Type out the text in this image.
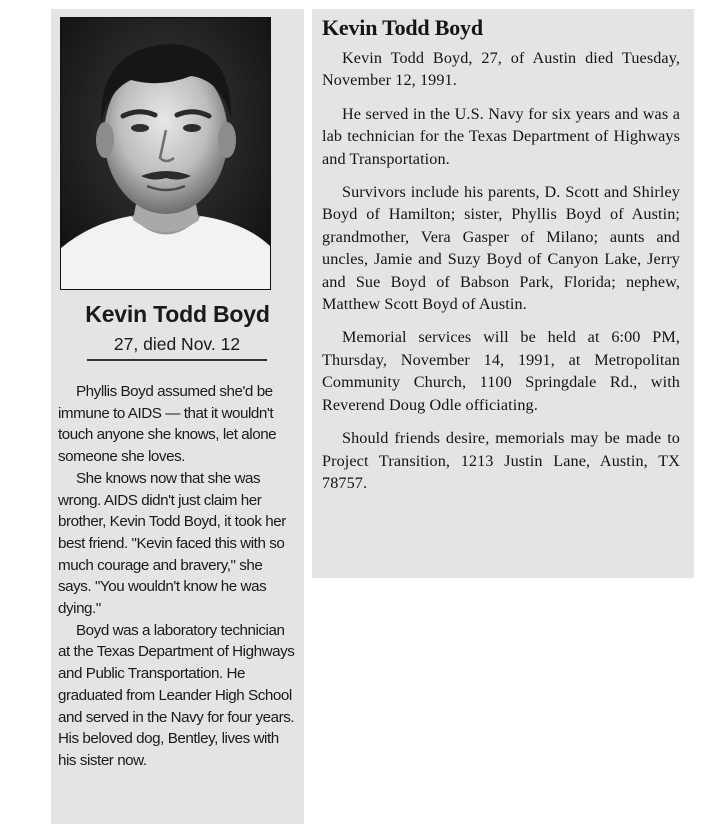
Kevin Todd Boyd
27, died Nov. 12

Phyllis Boyd assumed she'd be immune to AIDS — that it wouldn't touch anyone she knows, let alone someone she loves.

She knows now that she was wrong. AIDS didn't just claim her brother, Kevin Todd Boyd, it took her best friend. "Kevin faced this with so much courage and bravery," she says. "You wouldn't know he was dying."

Boyd was a laboratory technician at the Texas Department of Highways and Public Transportation. He graduated from Leander High School and served in the Navy for four years. His beloved dog, Bentley, lives with his sister now.

Kevin Todd Boyd

Kevin Todd Boyd, 27, of Austin died Tuesday, November 12, 1991.

He served in the U.S. Navy for six years and was a lab technician for the Texas Department of Highways and Transportation.

Survivors include his parents, D. Scott and Shirley Boyd of Hamilton; sister, Phyllis Boyd of Austin; grandmother, Vera Gasper of Milano; aunts and uncles, Jamie and Suzy Boyd of Canyon Lake, Jerry and Sue Boyd of Babson Park, Florida; nephew, Matthew Scott Boyd of Austin.

Memorial services will be held at 6:00 PM, Thursday, November 14, 1991, at Metropolitan Community Church, 1100 Springdale Rd., with Reverend Doug Odle officiating.

Should friends desire, memorials may be made to Project Transition, 1213 Justin Lane, Austin, TX 78757.
